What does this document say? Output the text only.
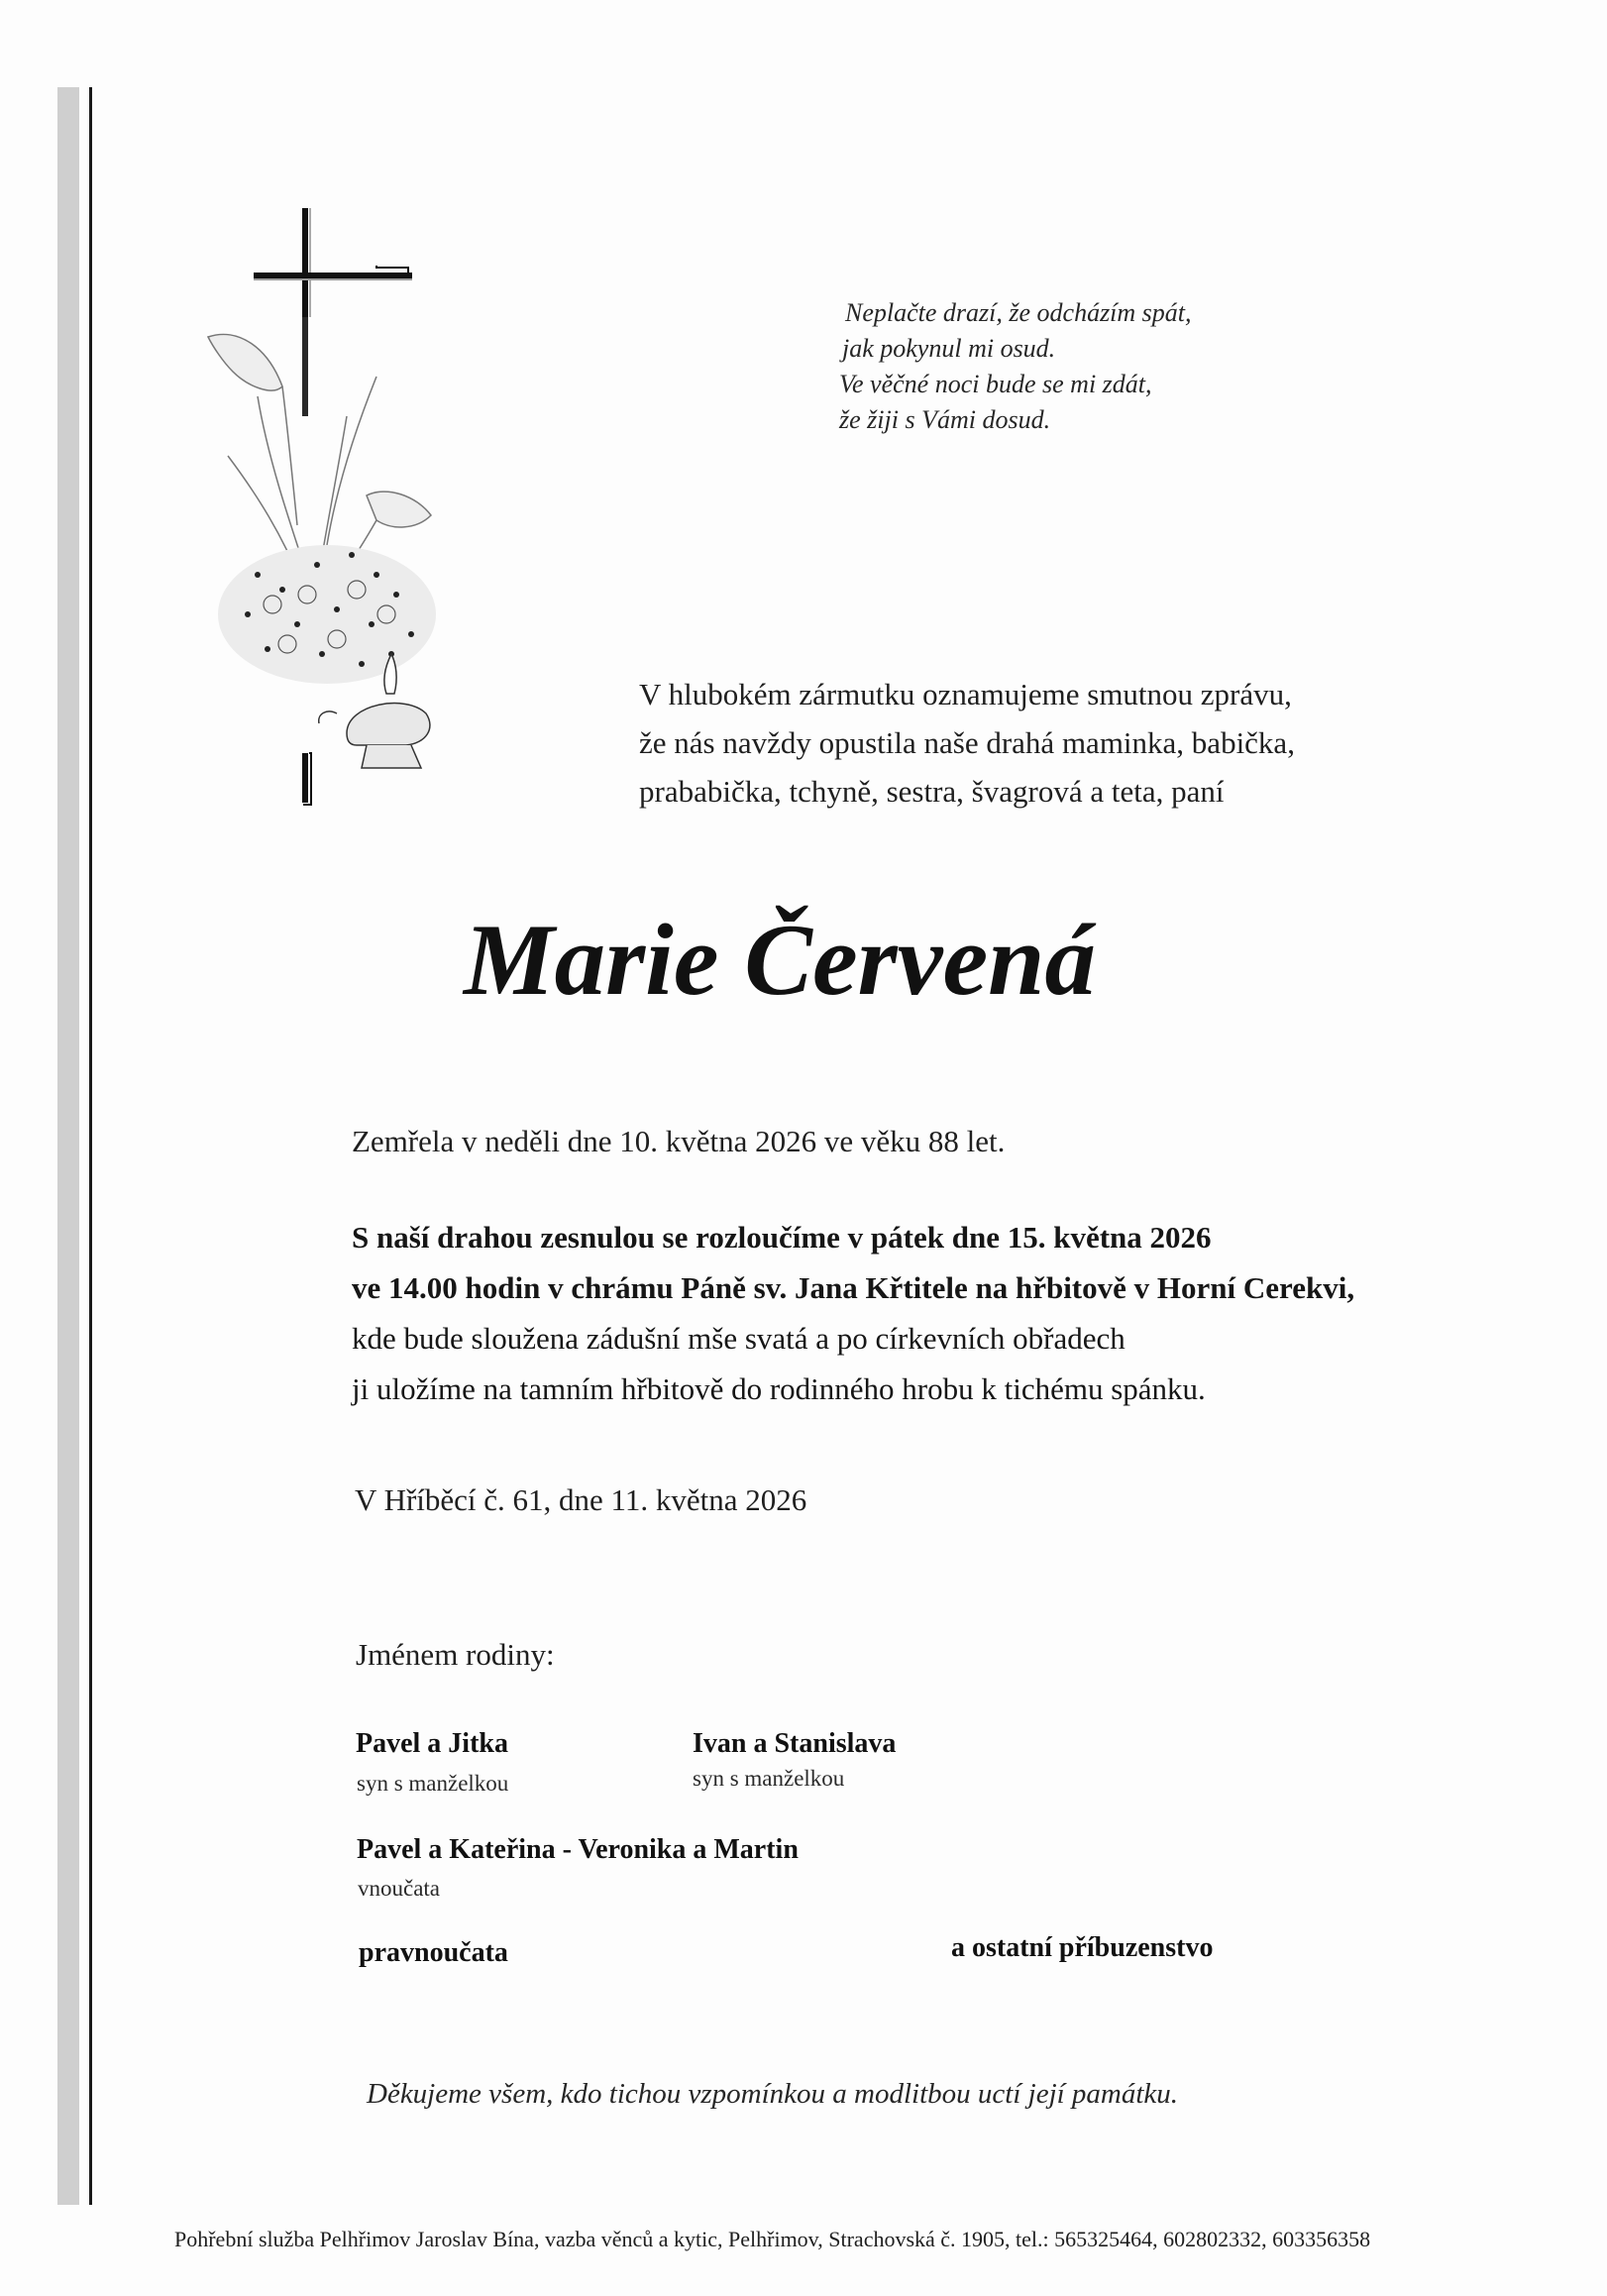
Neplačte drazí, že odcházím spát,
jak pokynul mi osud.
Ve věčné noci bude se mi zdát,
že žiji s Vámi dosud.
V hlubokém zármutku oznamujeme smutnou zprávu,
že nás navždy opustila naše drahá maminka, babička,
prababička, tchyně, sestra, švagrová a teta, paní
Marie Červená
Zemřela v neděli dne 10. května 2026 ve věku 88 let.
S naší drahou zesnulou se rozloučíme v pátek dne 15. května 2026
ve 14.00 hodin v chrámu Páně sv. Jana Křtitele na hřbitově v Horní Cerekvi,
kde bude sloužena zádušní mše svatá a po církevních obřadech
ji uložíme na tamním hřbitově do rodinného hrobu k tichému spánku.
V Hříběcí č. 61, dne 11. května 2026
Jménem rodiny:
Pavel a Jitka
syn s manželkou
Ivan a Stanislava
syn s manželkou
Pavel a Kateřina - Veronika a Martin
vnoučata
pravnoučata	a ostatní příbuzenstvo
Děkujeme všem, kdo tichou vzpomínkou a modlitbou uctí její památku.
Pohřební služba Pelhřimov Jaroslav Bína, vazba věnců a kytic, Pelhřimov, Strachovská č. 1905, tel.: 565325464, 602802332, 603356358
